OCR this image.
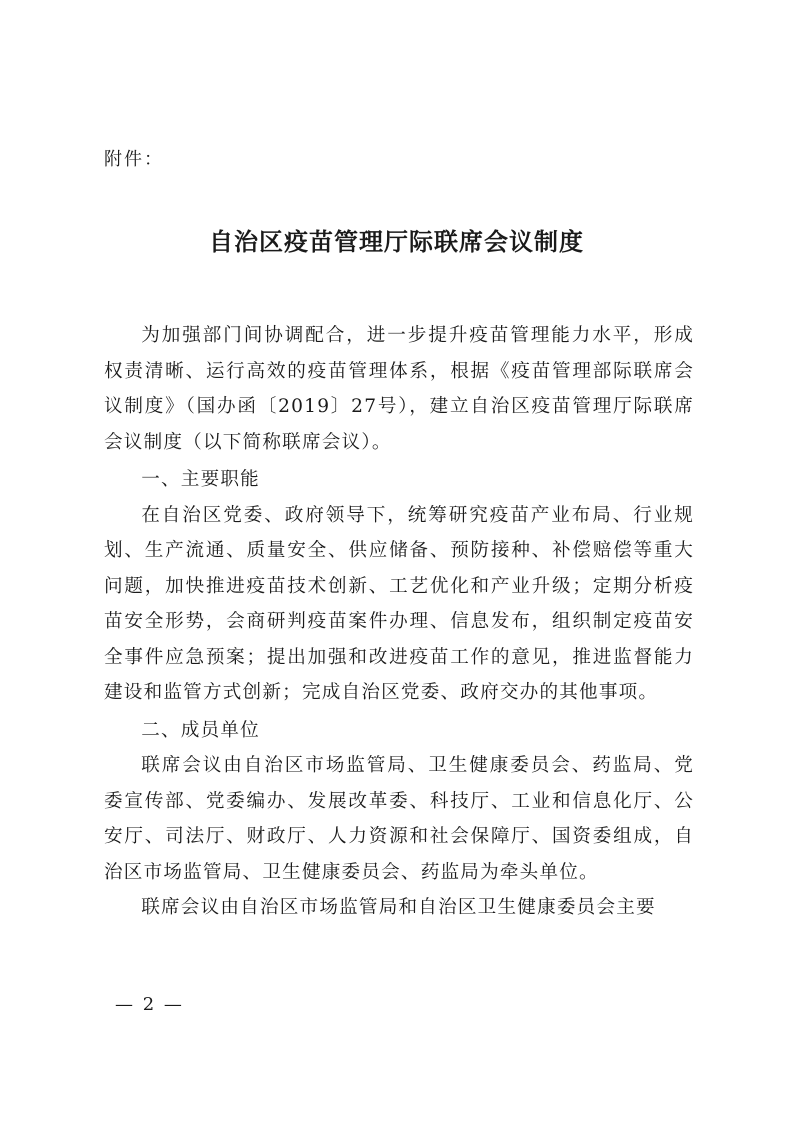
附件：
自治区疫苗管理厅际联席会议制度

为加强部门间协调配合，进一步提升疫苗管理能力水平，形成权责清晰、运行高效的疫苗管理体系，根据《疫苗管理部际联席会议制度》（国办函〔2019〕27号），建立自治区疫苗管理厅际联席会议制度（以下简称联席会议）。

一、主要职能

在自治区党委、政府领导下，统筹研究疫苗产业布局、行业规划、生产流通、质量安全、供应储备、预防接种、补偿赔偿等重大问题，加快推进疫苗技术创新、工艺优化和产业升级；定期分析疫苗安全形势，会商研判疫苗案件办理、信息发布，组织制定疫苗安全事件应急预案；提出加强和改进疫苗工作的意见，推进监督能力建设和监管方式创新；完成自治区党委、政府交办的其他事项。

二、成员单位

联席会议由自治区市场监管局、卫生健康委员会、药监局、党委宣传部、党委编办、发展改革委、科技厅、工业和信息化厅、公安厅、司法厅、财政厅、人力资源和社会保障厅、国资委组成，自治区市场监管局、卫生健康委员会、药监局为牵头单位。

联席会议由自治区市场监管局和自治区卫生健康委员会主要

— 2 —
